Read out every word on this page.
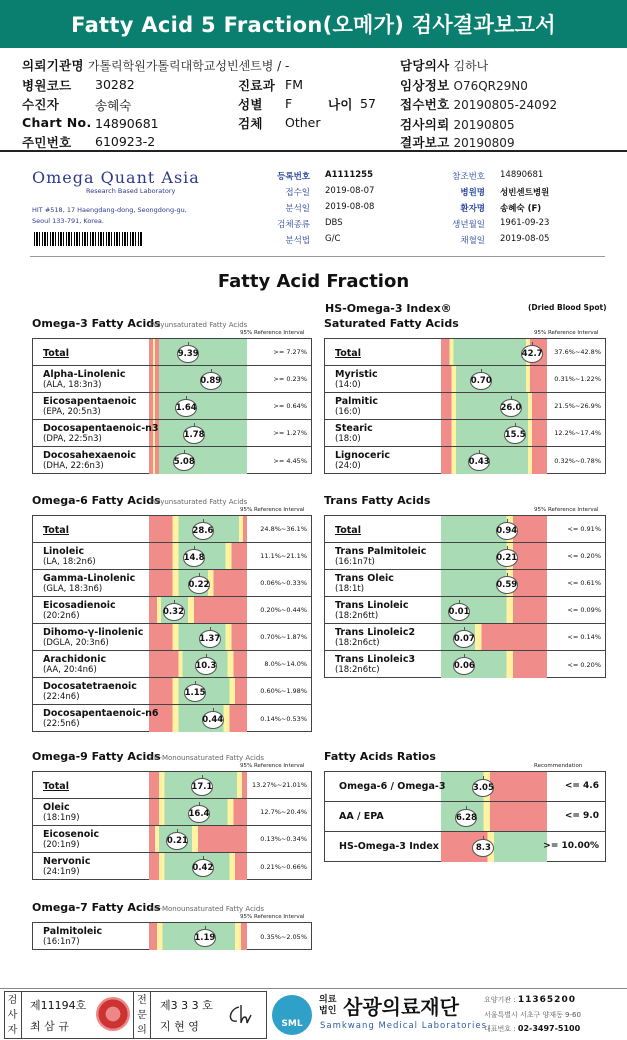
Fatty Acid 5 Fraction(오메가) 검사결과보고서
의뢰기관명 가톨릭학원가톨릭대학교성빈센트병 / -
병원코드 30282	진료과 FM
수진자	송혜숙	성별 F	나이 57
Chart No. 14890681	검체 Other
주민번호 610923-2
담당의사 김하나
임상정보 O76QR29N0
접수번호 20190805-24092
검사의뢰 20190805
결과보고 20190809
Omega Quant Asia
Research Based Laboratory
HIT #518, 17 Haengdang-dong, Seongdong-gu,
Seoul 133-791, Korea.
등록번호 A1111255
접수일 2019-08-07
분석일 2019-08-08
검체종류 DBS
분석법 G/C
참조번호 14890681
병원명 성빈센트병원
환자명 송혜숙 (F)
생년월일 1961-09-23
채혈일 2019-08-05
Fatty Acid Fraction
HS-Omega-3 Index®	(Dried Blood Spot)
Omega-3 Fatty Acids
Polyunsaturated Fatty Acids
95% Reference Interval
Total	9.39	>= 7.27%
Alpha-Linolenic
(ALA, 18:3n3)	0.89	>= 0.23%
Eicosapentaenoic
(EPA, 20:5n3)	1.64	>= 0.64%
Docosapentaenoic-n3
(DPA, 22:5n3)	1.78	>= 1.27%
Docosahexaenoic
(DHA, 22:6n3)	5.08	>= 4.45%
Saturated Fatty Acids
95% Reference Interval
Total	42.7 37.6%~42.8%
Myristic
(14:0)	0.70	0.31%~1.22%
Palmitic
(16:0)	26.0	21.5%~26.9%
Stearic
(18:0)	15.5	12.2%~17.4%
Lignoceric
(24:0)	0.43	0.32%~0.78%
Omega-6 Fatty Acids
Polyunsaturated Fatty Acids
95% Reference Interval
Total	28.6	24.8%~36.1%
Linoleic
(LA, 18:2n6)	14.8	11.1%~21.1%
Gamma-Linolenic
(GLA, 18:3n6)	0.22	0.06%~0.33%
Eicosadienoic
(20:2n6)	0.32	0.20%~0.44%
Dihomo-γ-linolenic
(DGLA, 20:3n6)	1.37	0.70%~1.87%
Arachidonic
(AA, 20:4n6)	10.3	8.0%~14.0%
Docosatetraenoic
(22:4n6)	1.15	0.60%~1.98%
Docosapentaenoic-n6
(22:5n6)	0.44	0.14%~0.53%
Trans Fatty Acids
95% Reference Interval
Total	0.94	<= 0.91%
Trans Palmitoleic
(16:1n7t)	0.21	<= 0.20%
Trans Oleic
(18:1t)	0.59	<= 0.61%
Trans Linoleic
(18:2n6tt)	0.01	<= 0.09%
Trans Linoleic2
(18:2n6ct)	0.07	<= 0.14%
Trans Linoleic3
(18:2n6tc)	0.06	<= 0.20%
Omega-9 Fatty Acids
cis-Monounsaturated Fatty Acids
95% Reference Interval
Total	17.1	13.27%~21.01%
Oleic
(18:1n9)	16.4	12.7%~20.4%
Eicosenoic
(20:1n9)	0.21	0.13%~0.34%
Nervonic
(24:1n9)	0.42	0.21%~0.66%
Fatty Acids Ratios
Recommendation
Omega-6 / Omega-3	3.05	<= 4.6
AA / EPA	6.28	<= 9.0
HS-Omega-3 Index	8.3	>= 10.00%
Omega-7 Fatty Acids
cis-Monounsaturated Fatty Acids
95% Reference Interval
Palmitoleic
(16:1n7)	1.19	0.35%~2.05%
검
사
자
제11194호
최 삼 규
전
문
의
제3 3 3 호
지 현 영	SML
의료
법인 삼광의료재단
Samkwang Medical Laboratories
요양기관 : 11365200
서울특별시 서초구 양재동 9-60
대표번호 : 02-3497-5100
